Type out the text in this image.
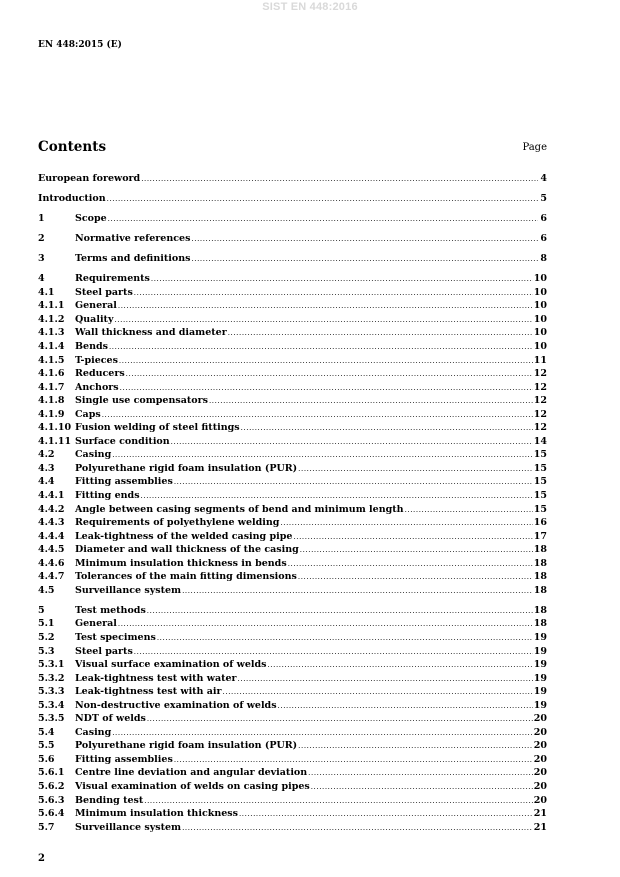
SIST EN 448:2016
EN 448:2015 (E)
Contents	Page
European foreword .....	4
Introduction .....	5
1	Scope .....	6
2	Normative references .....	6
3	Terms and definitions .....	8
4	Requirements .....	10
4.1	Steel parts .....	10
4.1.1	General .....	10
4.1.2	Quality .....	10
4.1.3	Wall thickness and diameter .....	10
4.1.4	Bends .....	10
4.1.5	T-pieces .....	11
4.1.6	Reducers .....	12
4.1.7	Anchors .....	12
4.1.8	Single use compensators .....	12
4.1.9	Caps .....	12
4.1.10 Fusion welding of steel fittings .....	12
4.1.11 Surface condition .....	14
4.2	Casing .....	15
4.3	Polyurethane rigid foam insulation (PUR) .....	15
4.4	Fitting assemblies .....	15
4.4.1	Fitting ends .....	15
4.4.2	Angle between casing segments of bend and minimum length .....	15
4.4.3	Requirements of polyethylene welding .....	16
4.4.4	Leak-tightness of the welded casing pipe .....	17
4.4.5	Diameter and wall thickness of the casing .....	18
4.4.6	Minimum insulation thickness in bends .....	18
4.4.7	Tolerances of the main fitting dimensions .....	18
4.5	Surveillance system .....	18
5	Test methods .....	18
5.1	General .....	18
5.2	Test specimens .....	19
5.3	Steel parts .....	19
5.3.1	Visual surface examination of welds .....	19
5.3.2	Leak-tightness test with water .....	19
5.3.3	Leak-tightness test with air .....	19
5.3.4	Non-destructive examination of welds .....	19
5.3.5	NDT of welds .....	20
5.4	Casing .....	20
5.5	Polyurethane rigid foam insulation (PUR) .....	20
5.6	Fitting assemblies .....	20
5.6.1	Centre line deviation and angular deviation .....	20
5.6.2	Visual examination of welds on casing pipes .....	20
5.6.3	Bending test .....	20
5.6.4	Minimum insulation thickness .....	21
5.7	Surveillance system .....	21
2
